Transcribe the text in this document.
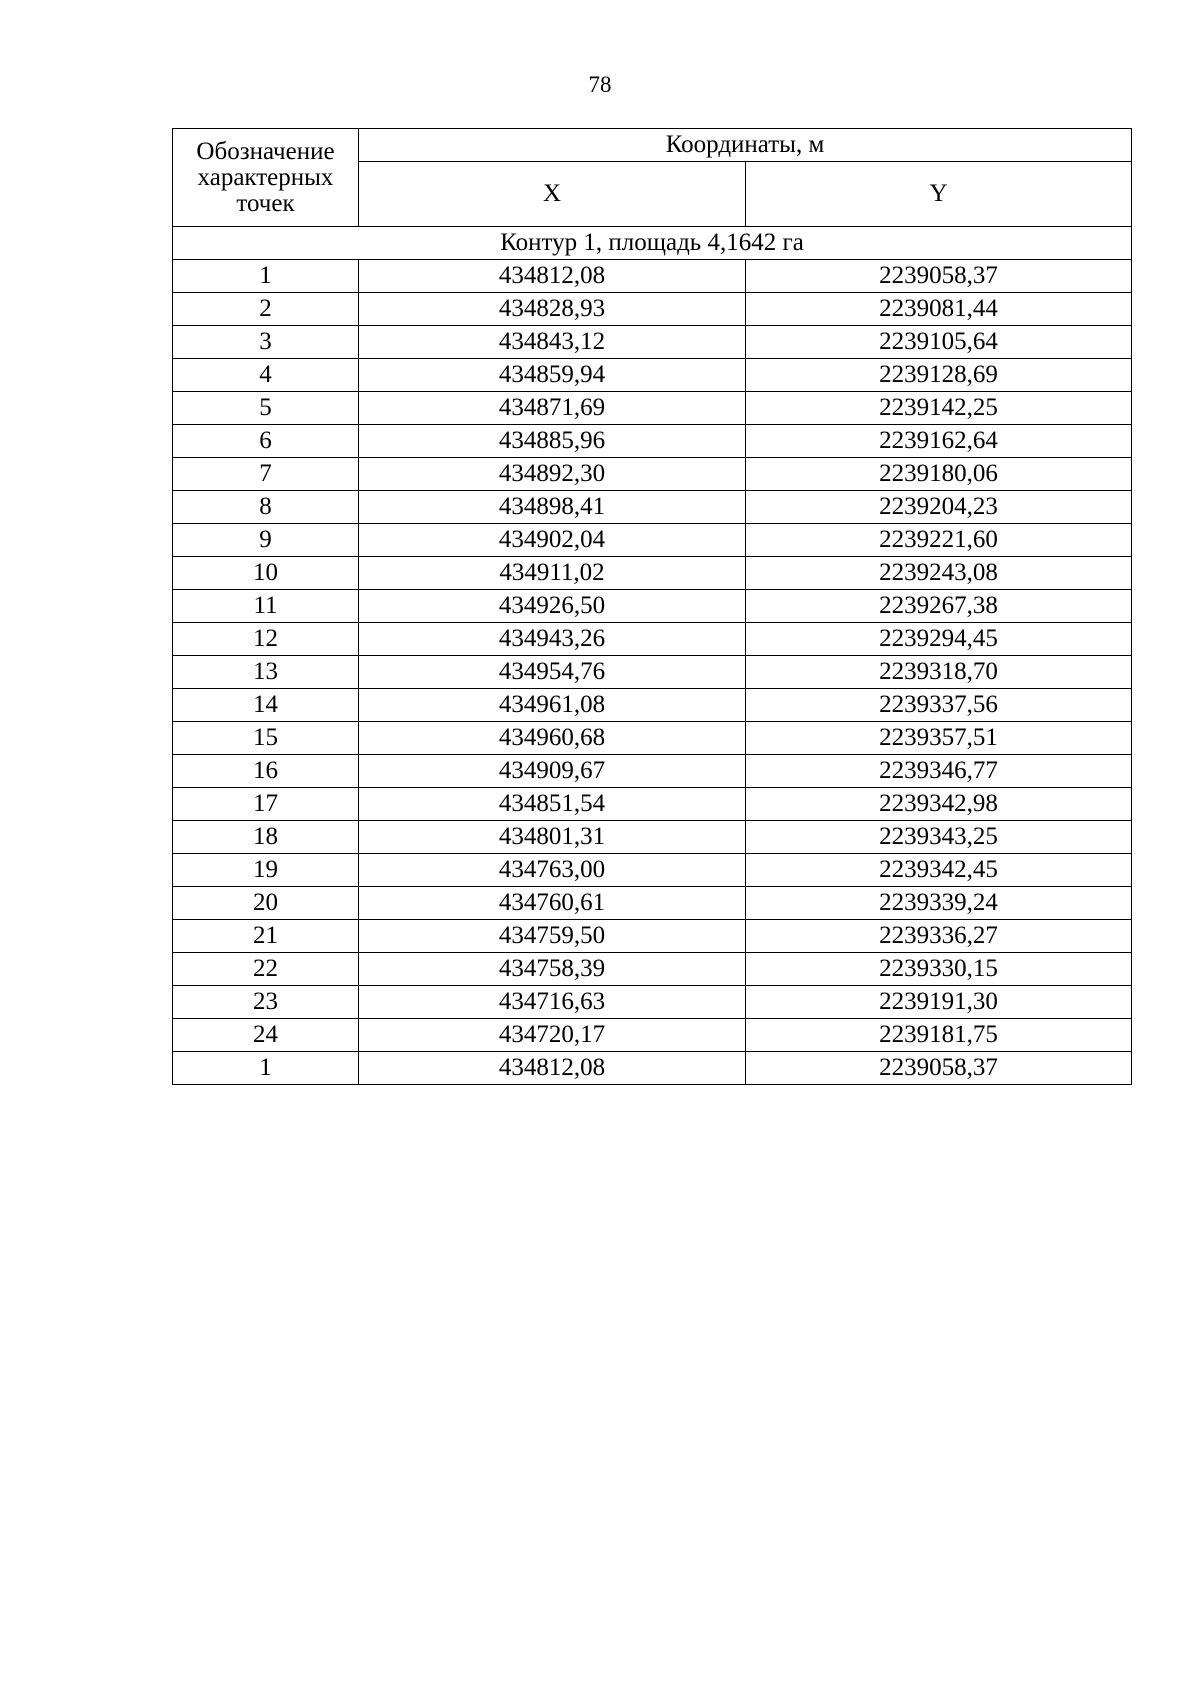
78
Обозначение характерных точек	Координаты, м	
	X	Y
Контур 1, площадь 4,1642 га		
1	434812,08	2239058,37
2	434828,93	2239081,44
3	434843,12	2239105,64
4	434859,94	2239128,69
5	434871,69	2239142,25
6	434885,96	2239162,64
7	434892,30	2239180,06
8	434898,41	2239204,23
9	434902,04	2239221,60
10	434911,02	2239243,08
11	434926,50	2239267,38
12	434943,26	2239294,45
13	434954,76	2239318,70
14	434961,08	2239337,56
15	434960,68	2239357,51
16	434909,67	2239346,77
17	434851,54	2239342,98
18	434801,31	2239343,25
19	434763,00	2239342,45
20	434760,61	2239339,24
21	434759,50	2239336,27
22	434758,39	2239330,15
23	434716,63	2239191,30
24	434720,17	2239181,75
1	434812,08	2239058,37
